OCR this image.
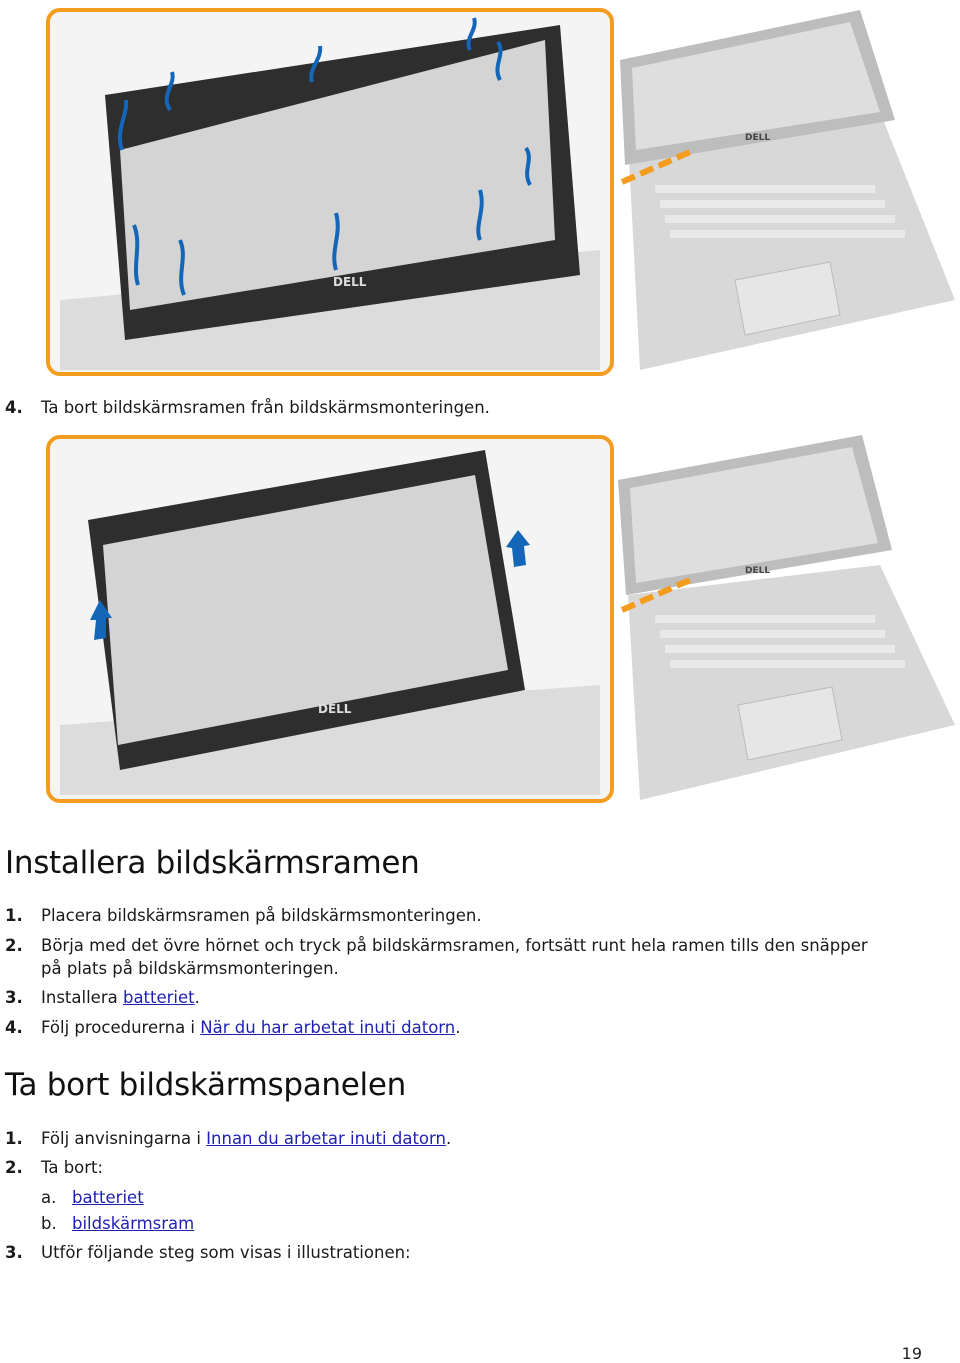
DELL
DELL
4. Ta bort bildskärmsramen från bildskärmsmonteringen.
DELL
DELL
Installera bildskärmsramen
1. Placera bildskärmsramen på bildskärmsmonteringen.
2. Börja med det övre hörnet och tryck på bildskärmsramen, fortsätt runt hela ramen tills den snäpper
på plats på bildskärmsmonteringen.
3. Installera batteriet.
4. Följ procedurerna i När du har arbetat inuti datorn.
Ta bort bildskärmspanelen
1. Följ anvisningarna i Innan du arbetar inuti datorn.
2. Ta bort:
a. batteriet
b. bildskärmsram
3. Utför följande steg som visas i illustrationen:
19
